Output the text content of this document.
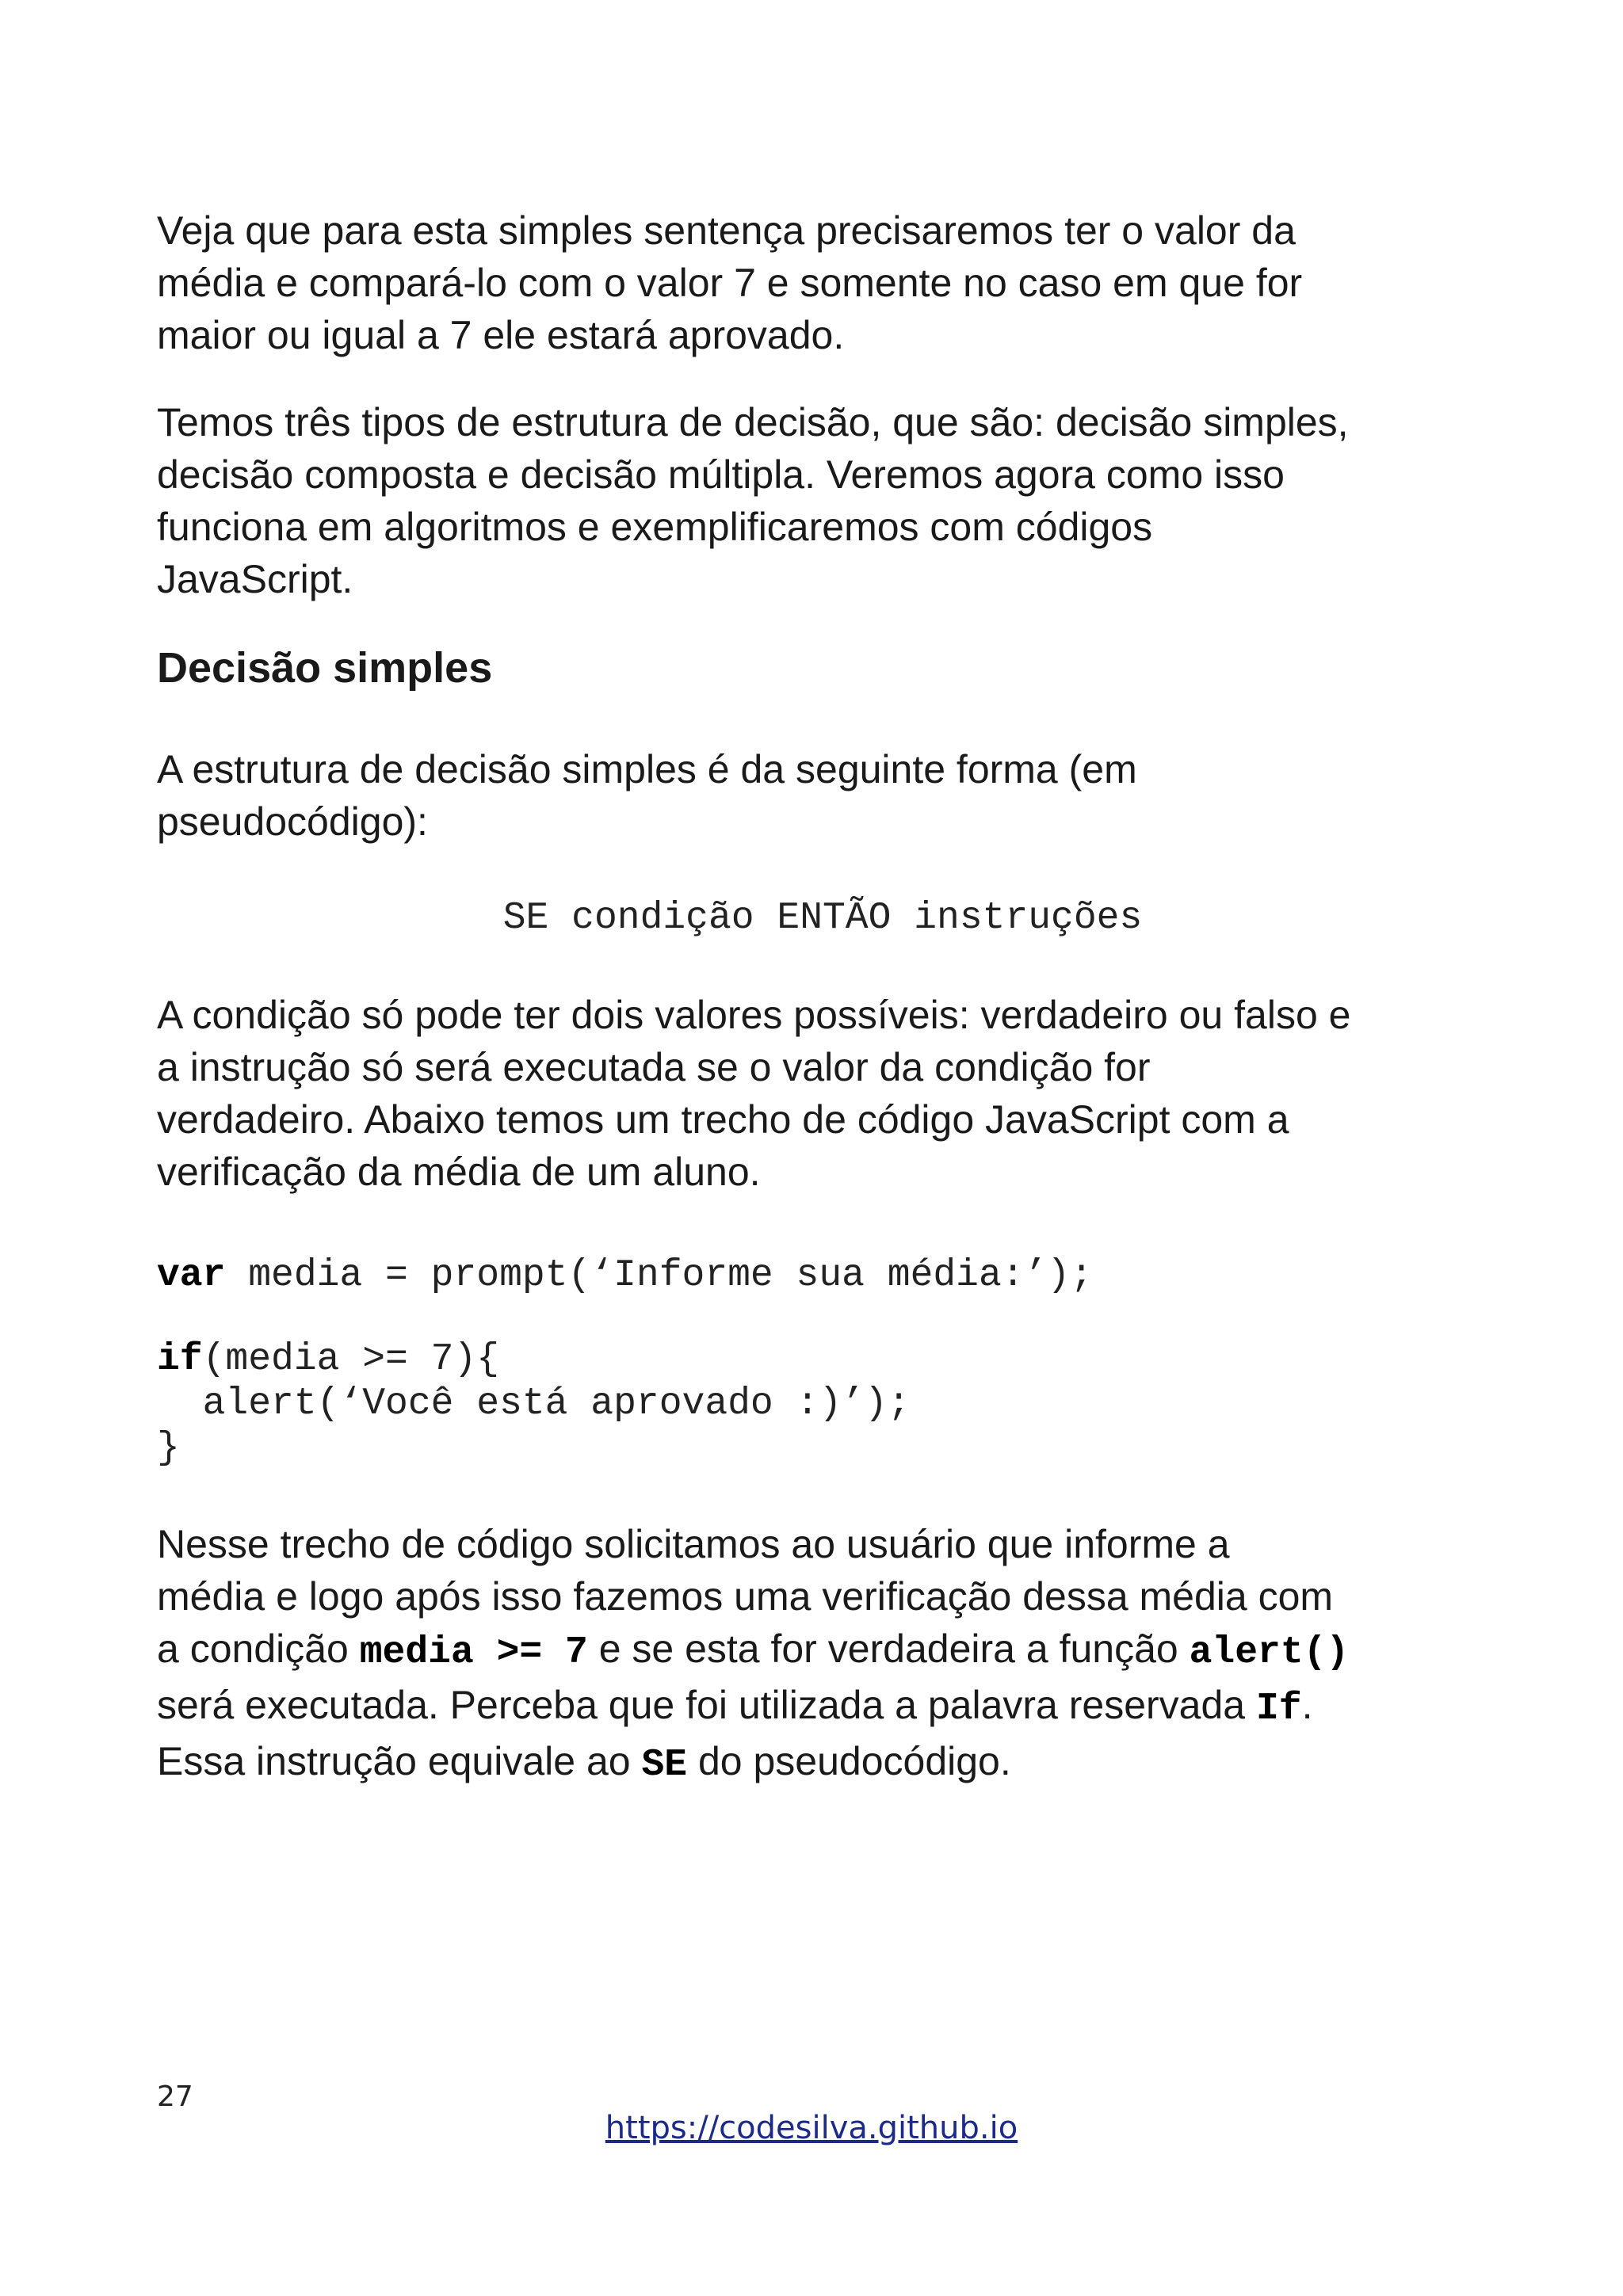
Veja que para esta simples sentença precisaremos ter o valor da
média e compará-lo com o valor 7 e somente no caso em que for
maior ou igual a 7 ele estará aprovado.

Temos três tipos de estrutura de decisão, que são: decisão simples,
decisão composta e decisão múltipla. Veremos agora como isso
funciona em algoritmos e exemplificaremos com códigos
JavaScript.

Decisão simples

A estrutura de decisão simples é da seguinte forma (em
pseudocódigo):

SE condição ENTÃO instruções

A condição só pode ter dois valores possíveis: verdadeiro ou falso e
a instrução só será executada se o valor da condição for
verdadeiro. Abaixo temos um trecho de código JavaScript com a
verificação da média de um aluno.

var media = prompt(‘Informe sua média:’);
if(media >= 7){
alert(‘Você está aprovado :)’);
}

Nesse trecho de código solicitamos ao usuário que informe a
média e logo após isso fazemos uma verificação dessa média com
a condição media >= 7 e se esta for verdadeira a função alert()
será executada. Perceba que foi utilizada a palavra reservada If.
Essa instrução equivale ao SE do pseudocódigo.

27
https://codesilva.github.io
